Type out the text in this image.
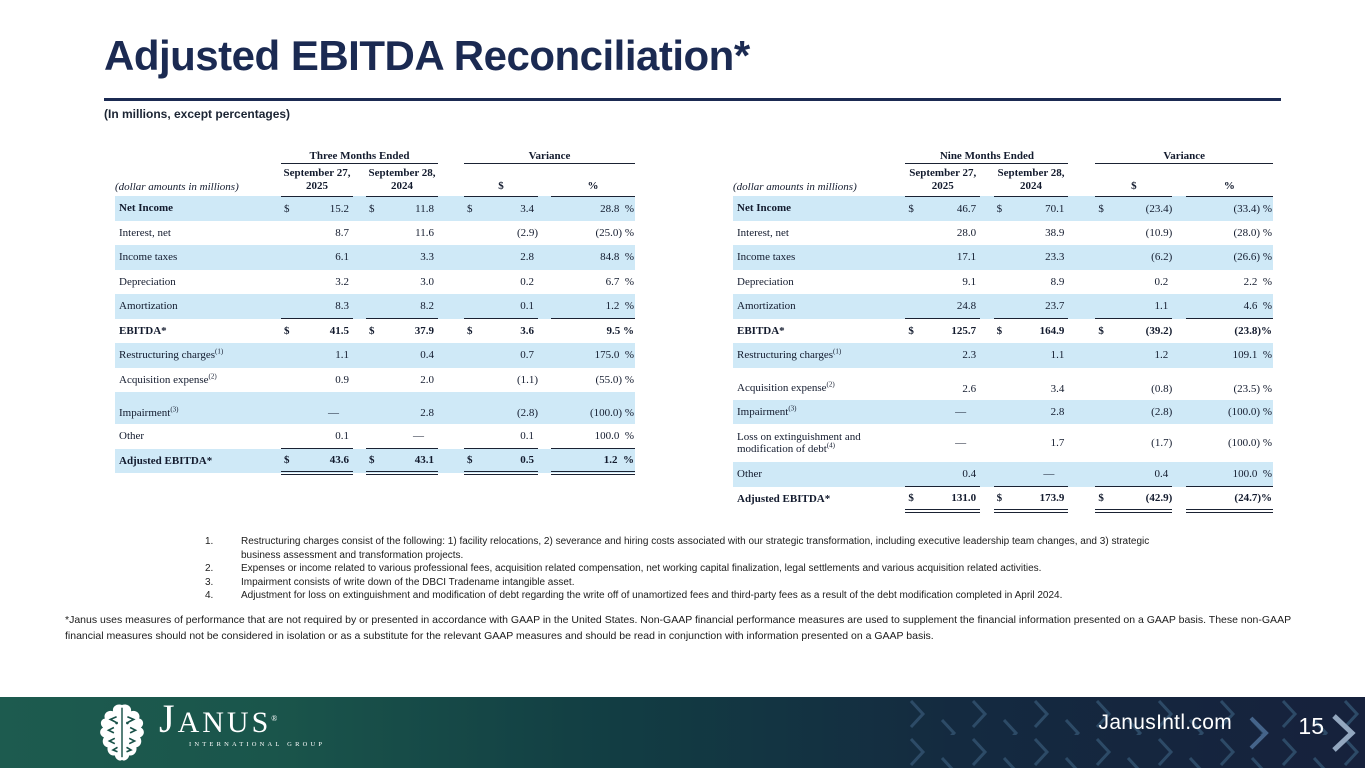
Adjusted EBITDA Reconciliation*
(In millions, except percentages)
	Three Months Ended				Variance		
(dollar amounts in millions)	September 27, 2025		September 28, 2024		$		%
Net Income	$ 15.2		$ 11.8		$ 3.4		28.8  %
Interest, net	8.7		11.6		(2.9)		(25.0) %
Income taxes	6.1		3.3		2.8		84.8  %
Depreciation	3.2		3.0		0.2		6.7  %
Amortization	8.3		8.2		0.1		1.2  %
EBITDA*	$ 41.5		$ 37.9		$ 3.6		9.5 %
Restructuring charges$^{(1)}$	1.1		0.4		0.7		175.0  %
Acquisition expense$^{(2)}$	0.9		2.0		(1.1)		(55.0) %
Impairment$^{(3)}$	—		2.8		(2.8)		(100.0) %
Other	0.1		—		0.1		100.0  %
Adjusted EBITDA*	$ 43.6		$ 43.1		$ 0.5		1.2  %
	Nine Months Ended				Variance		
(dollar amounts in millions)	September 27, 2025		September 28, 2024		$		%
Net Income	$ 46.7		$ 70.1		$ (23.4)		(33.4) %
Interest, net	28.0		38.9		(10.9)		(28.0) %
Income taxes	17.1		23.3		(6.2)		(26.6) %
Depreciation	9.1		8.9		0.2		2.2  %
Amortization	24.8		23.7		1.1		4.6  %
EBITDA*	$ 125.7		$ 164.9		$ (39.2)		(23.8)%
Restructuring charges$^{(1)}$	2.3		1.1		1.2		109.1  %
Acquisition expense$^{(2)}$	2.6		3.4		(0.8)		(23.5) %
Impairment$^{(3)}$	—		2.8		(2.8)		(100.0) %
Loss on extinguishment and modification of debt$^{(4)}$	—		1.7		(1.7)		(100.0) %
Other	0.4		—		0.4		100.0  %
Adjusted EBITDA*	$ 131.0		$ 173.9		$ (42.9)		(24.7)%
1.	Restructuring charges consist of the following: 1) facility relocations, 2) severance and hiring costs associated with our strategic transformation, including executive leadership team changes, and 3) strategic business assessment and transformation projects.
2.	Expenses or income related to various professional fees, acquisition related compensation, net working capital finalization, legal settlements and various acquisition related activities.
3.	Impairment consists of write down of the DBCI Tradename intangible asset.
4.	Adjustment for loss on extinguishment and modification of debt regarding the write off of unamortized fees and third-party fees as a result of the debt modification completed in April 2024.
*Janus uses measures of performance that are not required by or presented in accordance with GAAP in the United States. Non-GAAP financial performance measures are used to supplement the financial information presented on a GAAP basis. These non-GAAP financial measures should not be considered in isolation or as a substitute for the relevant GAAP measures and should be read in conjunction with information presented on a GAAP basis.
JANUS®
INTERNATIONAL GROUP
JanusIntl.com	15
